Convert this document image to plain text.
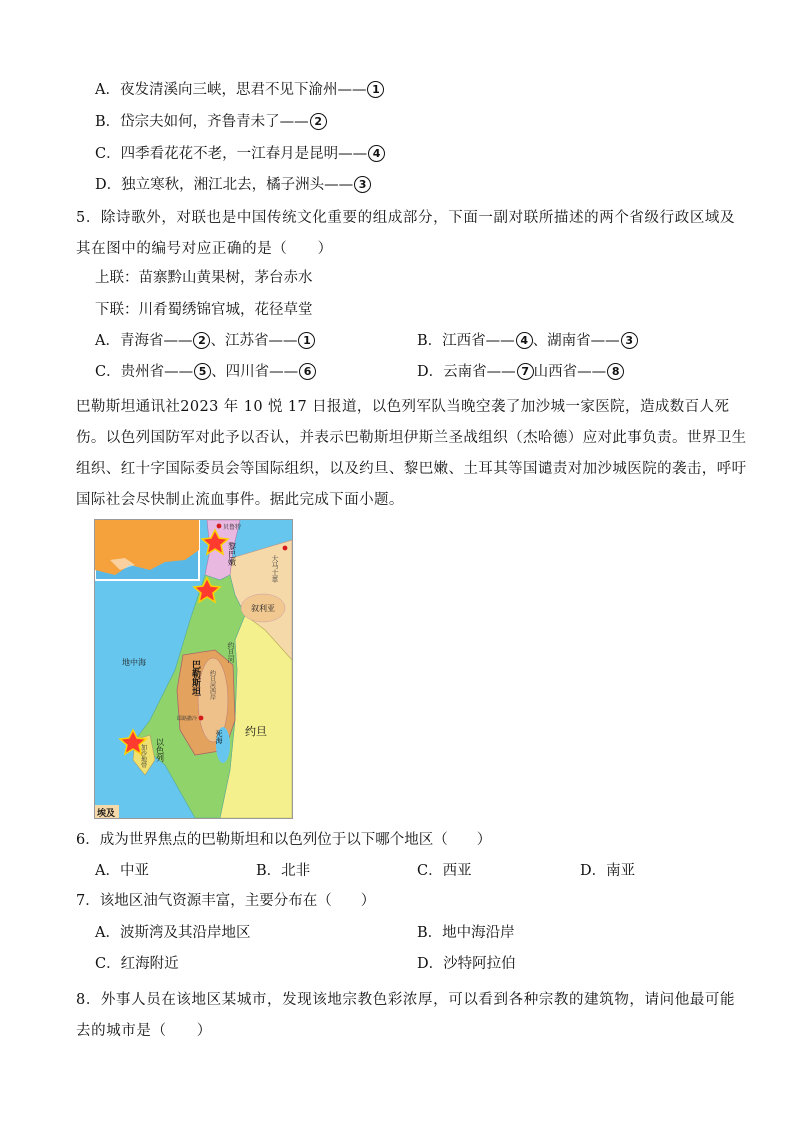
A．夜发清溪向三峡，思君不见下渝州—— 1
B．岱宗夫如何，齐鲁青未了—— 2
C．四季看花花不老，一江春月是昆明—— 4
D．独立寒秋，湘江北去，橘子洲头—— 3
5．除诗歌外，对联也是中国传统文化重要的组成部分，下面一副对联所描述的两个省级行政区域及其在图中的编号对应正确的是（　　）
上联：苗寨黔山黄果树，茅台赤水
下联：川肴蜀绣锦官城，花径草堂
A．青海省—— 2 、江苏省—— 1	B．江西省—— 4 、湖南省—— 3
C．贵州省—— 5 、四川省—— 6	D．云南省—— 7 山西省—— 8
巴勒斯坦通讯社2023 年 10 悦 17 日报道，以色列军队当晚空袭了加沙城一家医院，造成数百人死伤。以色列国防军对此予以否认，并表示巴勒斯坦伊斯兰圣战组织（杰哈德）应对此事负责。世界卫生组织、红十字国际委员会等国际组织，以及约旦、黎巴嫩、土耳其等国谴责对加沙城医院的袭击，呼吁国际社会尽快制止流血事件。据此完成下面小题。
贝鲁特
黎巴嫩
大马士革
叙利亚
地中海	巴勒斯坦 约旦河西岸
约旦河
耶路撒冷
以色列
加沙地带
死海 约旦
埃及
6．成为世界焦点的巴勒斯坦和以色列位于以下哪个地区（　　）
A．中亚	B．北非	C．西亚	D．南亚
7．该地区油气资源丰富，主要分布在（　　）
A．波斯湾及其沿岸地区	B．地中海沿岸
C．红海附近	D．沙特阿拉伯
8．外事人员在该地区某城市，发现该地宗教色彩浓厚，可以看到各种宗教的建筑物，请问他最可能去的城市是（　　）
